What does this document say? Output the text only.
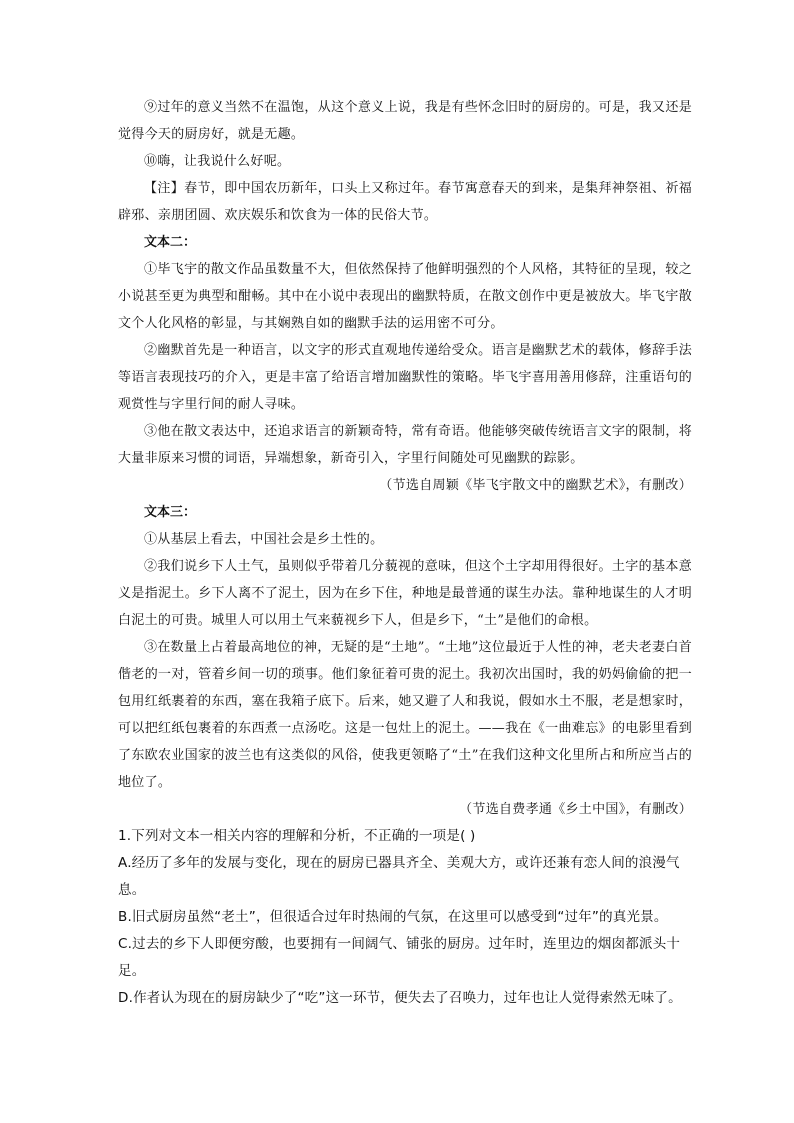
⑨过年的意义当然不在温饱，从这个意义上说，我是有些怀念旧时的厨房的。可是，我又还是觉得今天的厨房好，就是无趣。

⑩嗨，让我说什么好呢。

【注】春节，即中国农历新年，口头上又称过年。春节寓意春天的到来，是集拜神祭祖、祈福辟邪、亲朋团圆、欢庆娱乐和饮食为一体的民俗大节。

文本二：

①毕飞宇的散文作品虽数量不大，但依然保持了他鲜明强烈的个人风格，其特征的呈现，较之小说甚至更为典型和酣畅。其中在小说中表现出的幽默特质，在散文创作中更是被放大。毕飞宇散文个人化风格的彰显，与其娴熟自如的幽默手法的运用密不可分。

②幽默首先是一种语言，以文字的形式直观地传递给受众。语言是幽默艺术的载体，修辞手法等语言表现技巧的介入，更是丰富了给语言增加幽默性的策略。毕飞宇喜用善用修辞，注重语句的观赏性与字里行间的耐人寻味。

③他在散文表达中，还追求语言的新颖奇特，常有奇语。他能够突破传统语言文字的限制，将大量非原来习惯的词语，异端想象，新奇引入，字里行间随处可见幽默的踪影。

（节选自周颖《毕飞宇散文中的幽默艺术》，有删改）

文本三：

①从基层上看去，中国社会是乡土性的。

②我们说乡下人土气，虽则似乎带着几分藐视的意味，但这个土字却用得很好。土字的基本意义是指泥土。乡下人离不了泥土，因为在乡下住，种地是最普通的谋生办法。靠种地谋生的人才明白泥土的可贵。城里人可以用土气来藐视乡下人，但是乡下，“土”是他们的命根。

③在数量上占着最高地位的神，无疑的是“土地”。“土地”这位最近于人性的神，老夫老妻白首偕老的一对，管着乡间一切的琐事。他们象征着可贵的泥土。我初次出国时，我的奶妈偷偷的把一包用红纸裹着的东西，塞在我箱子底下。后来，她又避了人和我说，假如水土不服，老是想家时，可以把红纸包裹着的东西煮一点汤吃。这是一包灶上的泥土。——我在《一曲难忘》的电影里看到了东欧农业国家的波兰也有这类似的风俗，使我更领略了“土”在我们这种文化里所占和所应当占的地位了。

（节选自费孝通《乡土中国》，有删改）

1.下列对文本一相关内容的理解和分析，不正确的一项是( )

A.经历了多年的发展与变化，现在的厨房已器具齐全、美观大方，或许还兼有恋人间的浪漫气息。

B.旧式厨房虽然“老土”，但很适合过年时热闹的气氛，在这里可以感受到“过年”的真光景。

C.过去的乡下人即便穷酸，也要拥有一间阔气、铺张的厨房。过年时，连里边的烟囱都派头十足。

D.作者认为现在的厨房缺少了“吃”这一环节，便失去了召唤力，过年也让人觉得索然无味了。
